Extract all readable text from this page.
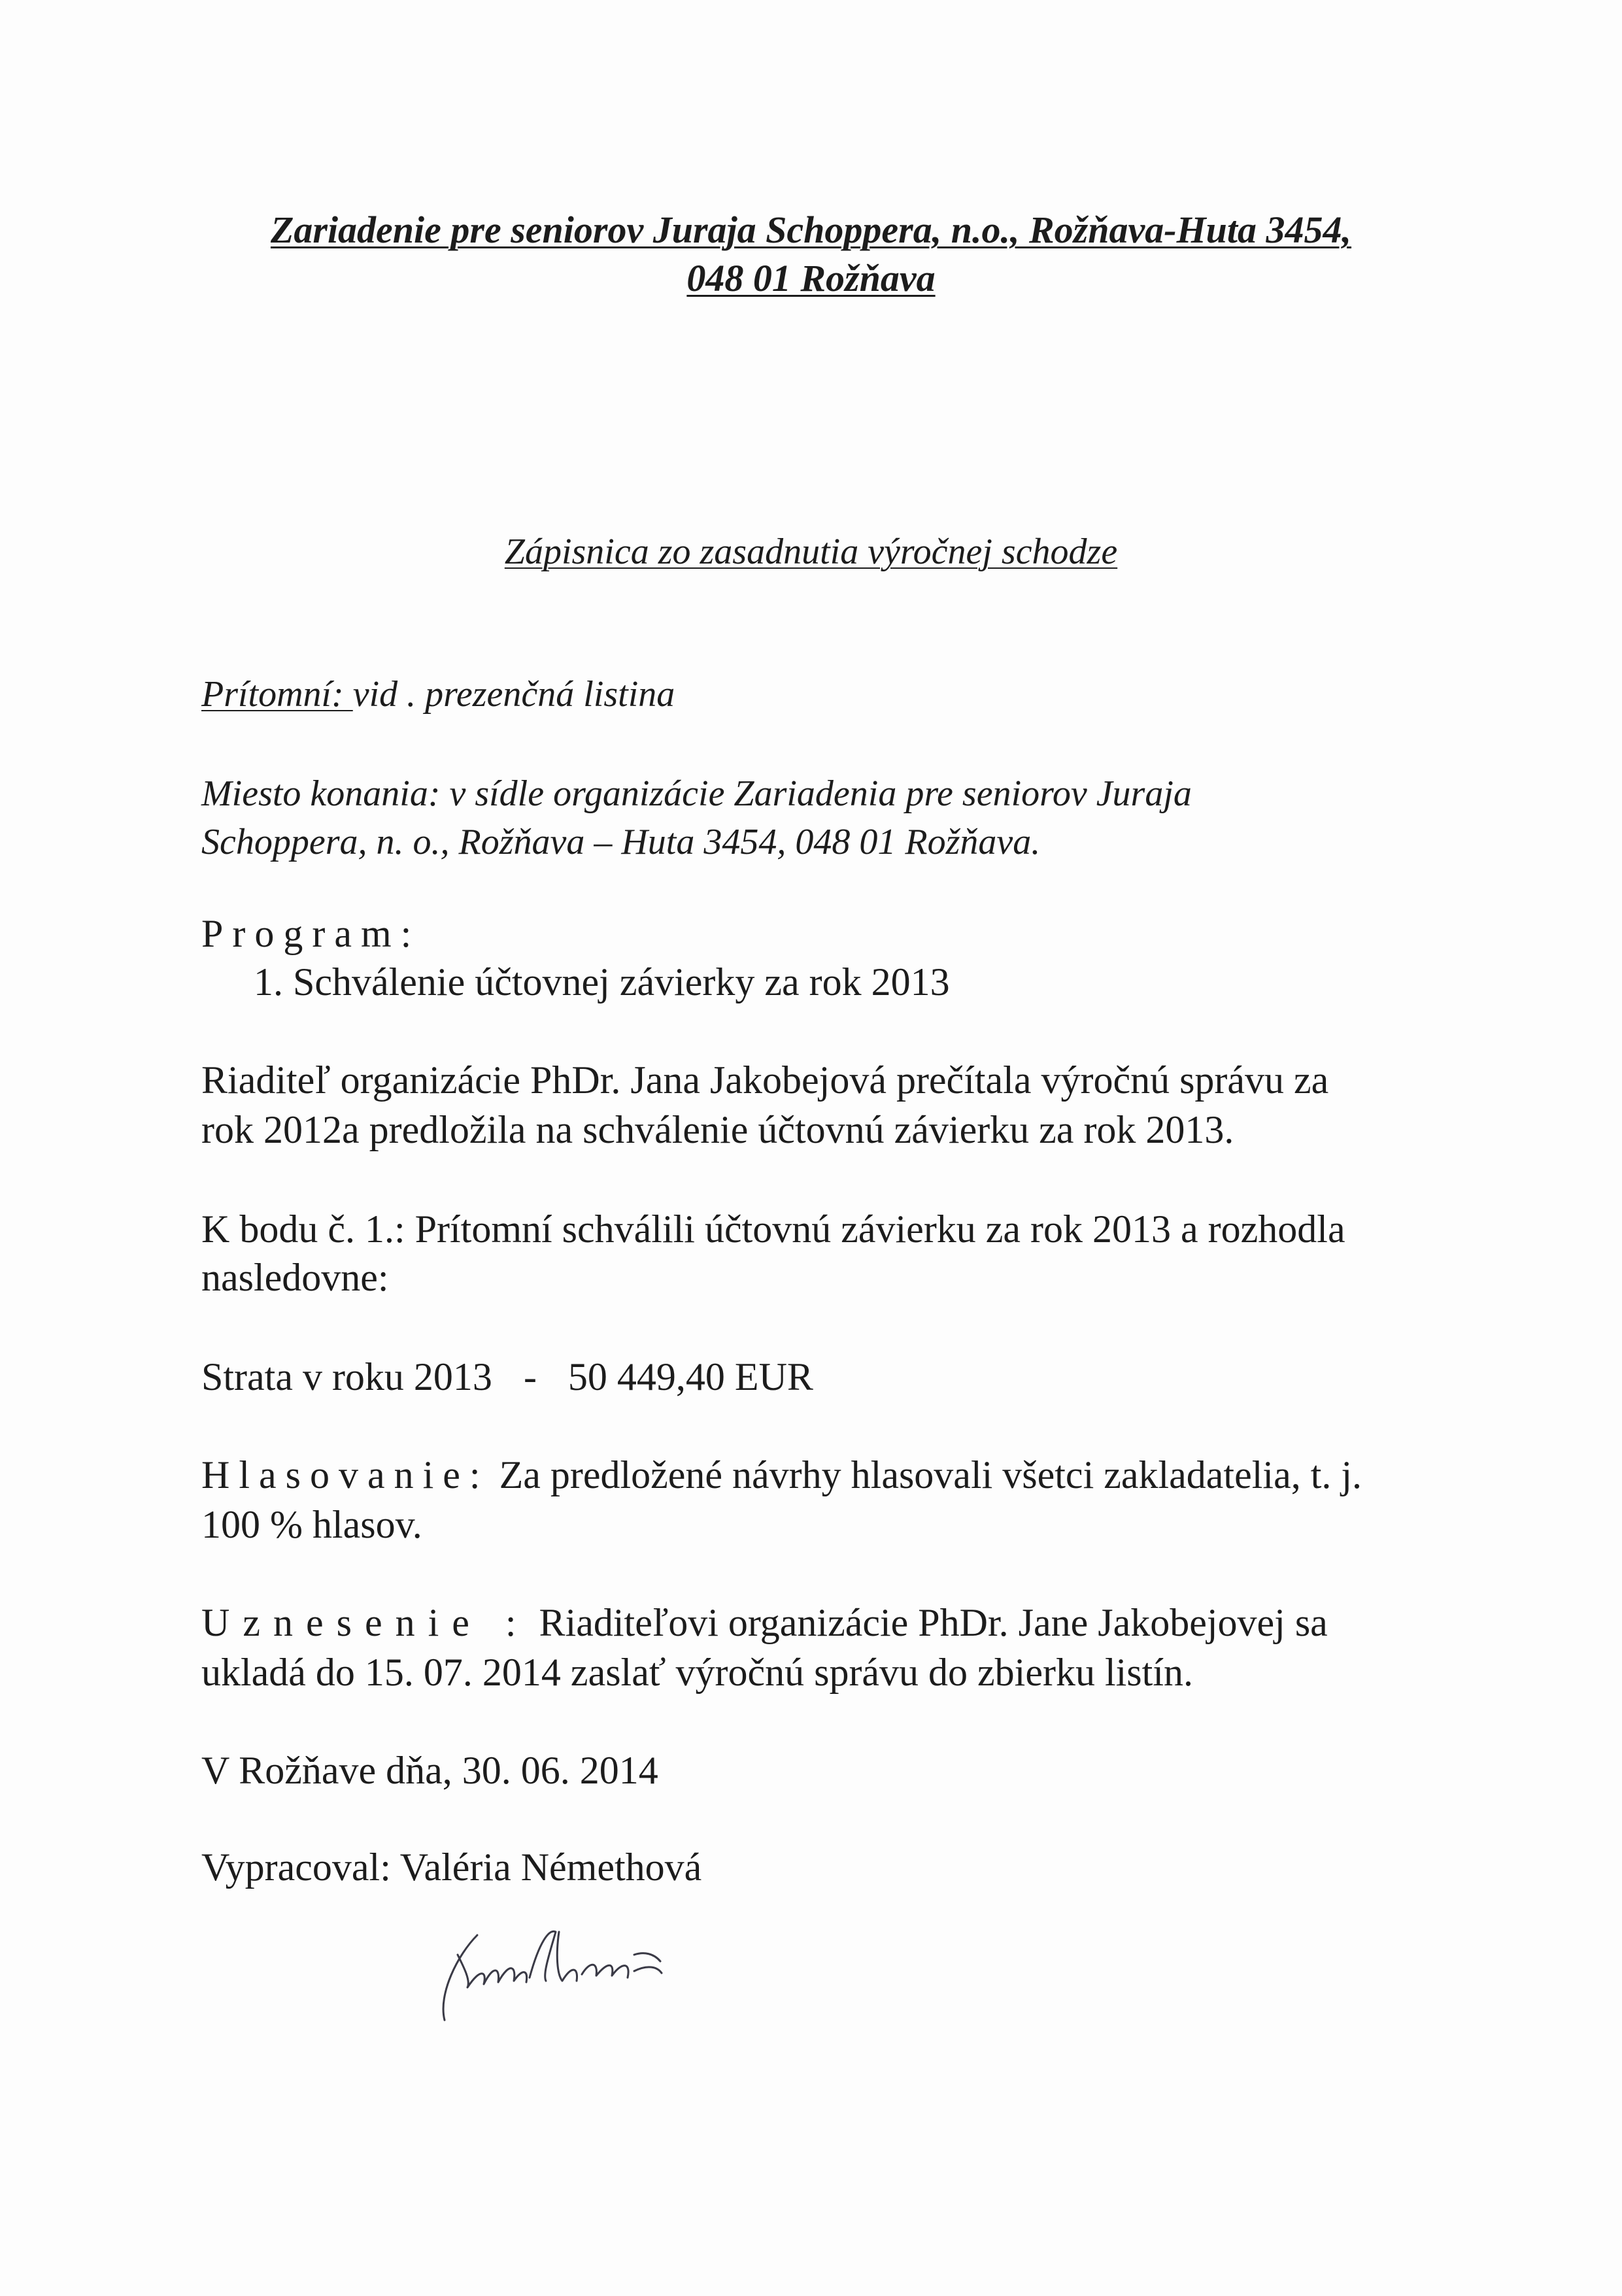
Zariadenie pre seniorov Juraja Schoppera, n.o., Rožňava-Huta 3454,
048 01 Rožňava
Zápisnica zo zasadnutia výročnej schodze
Prítomní: vid . prezenčná listina
Miesto konania: v sídle organizácie Zariadenia pre seniorov Juraja
Schoppera, n. o., Rožňava – Huta 3454, 048 01 Rožňava.
Program:
1. Schválenie účtovnej závierky za rok 2013
Riaditeľ organizácie PhDr. Jana Jakobejová prečítala výročnú správu za
rok 2012a predložila na schválenie účtovnú závierku za rok 2013.
K bodu č. 1.: Prítomní schválili účtovnú závierku za rok 2013 a rozhodla
nasledovne:
Strata v roku 2013 - 50 449,40 EUR
Hlasovanie: Za predložené návrhy hlasovali všetci zakladatelia, t. j.
100 % hlasov.
Uznesenie : Riaditeľovi organizácie PhDr. Jane Jakobejovej sa
ukladá do 15. 07. 2014 zaslať výročnú správu do zbierku listín.
V Rožňave dňa, 30. 06. 2014
Vypracoval: Valéria Némethová
